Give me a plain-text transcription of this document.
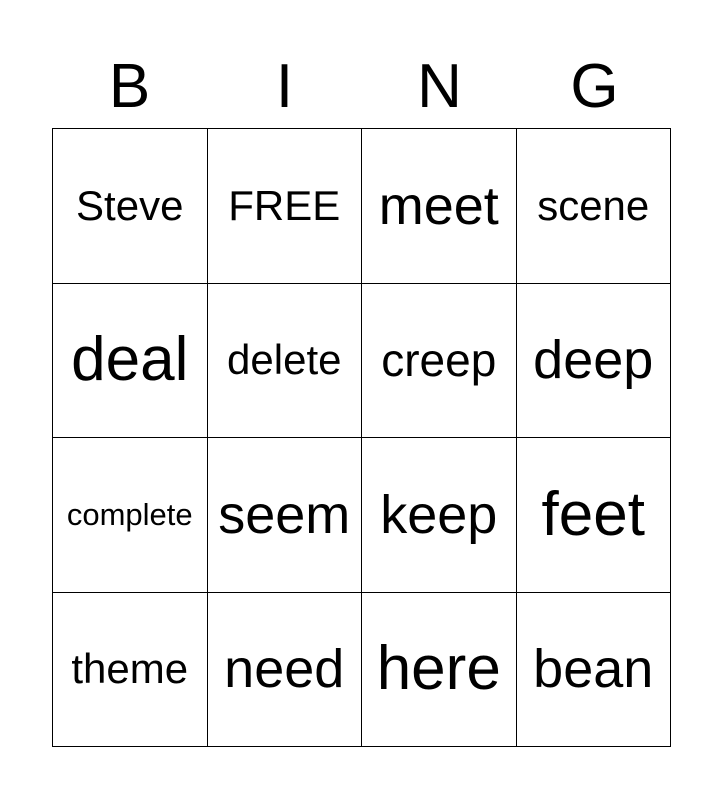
B	I	N	G
Steve	FREE meet scene
deal delete creep deep
complete seem keep feet
theme need here bean
